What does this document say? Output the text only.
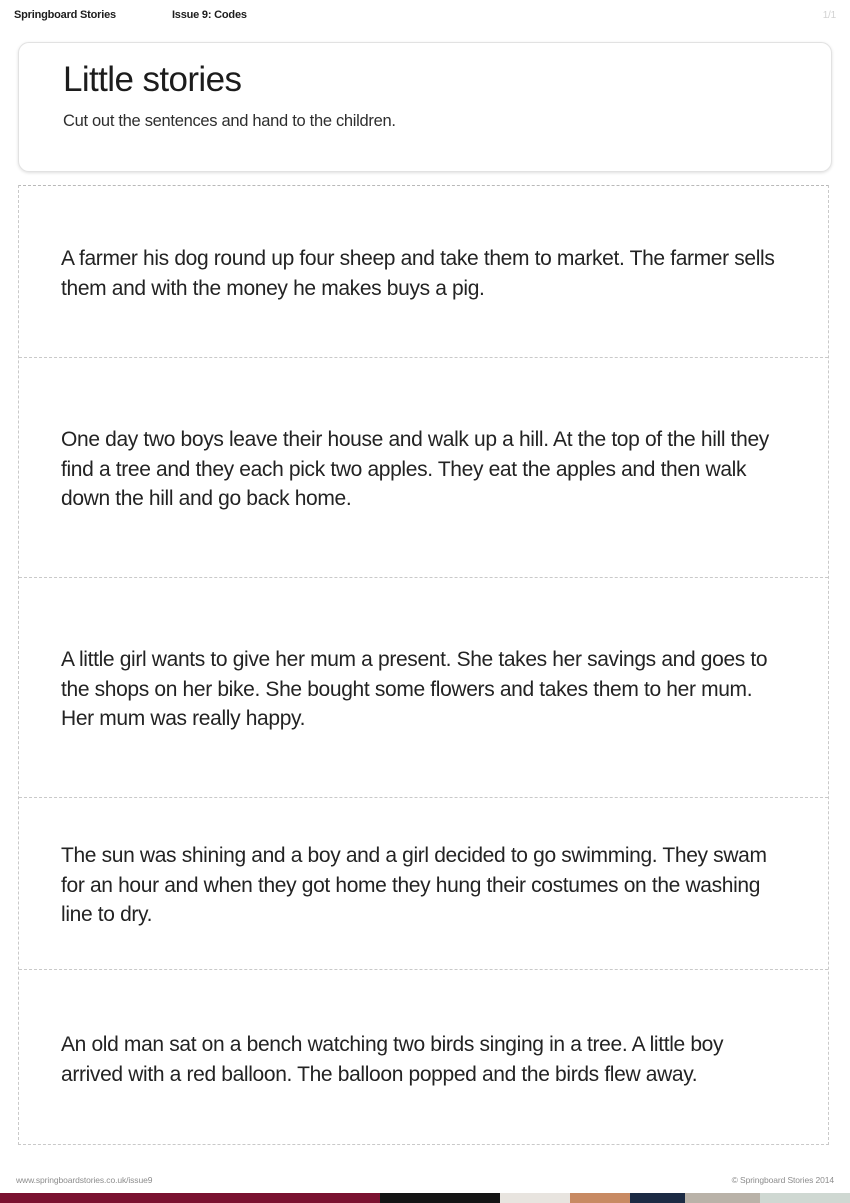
Springboard Stories	Issue 9: Codes	1/1
Little stories
Cut out the sentences and hand to the children.

A farmer his dog round up four sheep and take them to market. The farmer sells them and with the money he makes buys a pig.

One day two boys leave their house and walk up a hill. At the top of the hill they find a tree and they each pick two apples. They eat the apples and then walk down the hill and go back home.

A little girl wants to give her mum a present. She takes her savings and goes to the shops on her bike. She bought some flowers and takes them to her mum. Her mum was really happy.

The sun was shining and a boy and a girl decided to go swimming. They swam for an hour and when they got home they hung their costumes on the washing line to dry.

An old man sat on a bench watching two birds singing in a tree. A little boy arrived with a red balloon. The balloon popped and the birds flew away.

www.springboardstories.co.uk/issue9	© Springboard Stories 2014
